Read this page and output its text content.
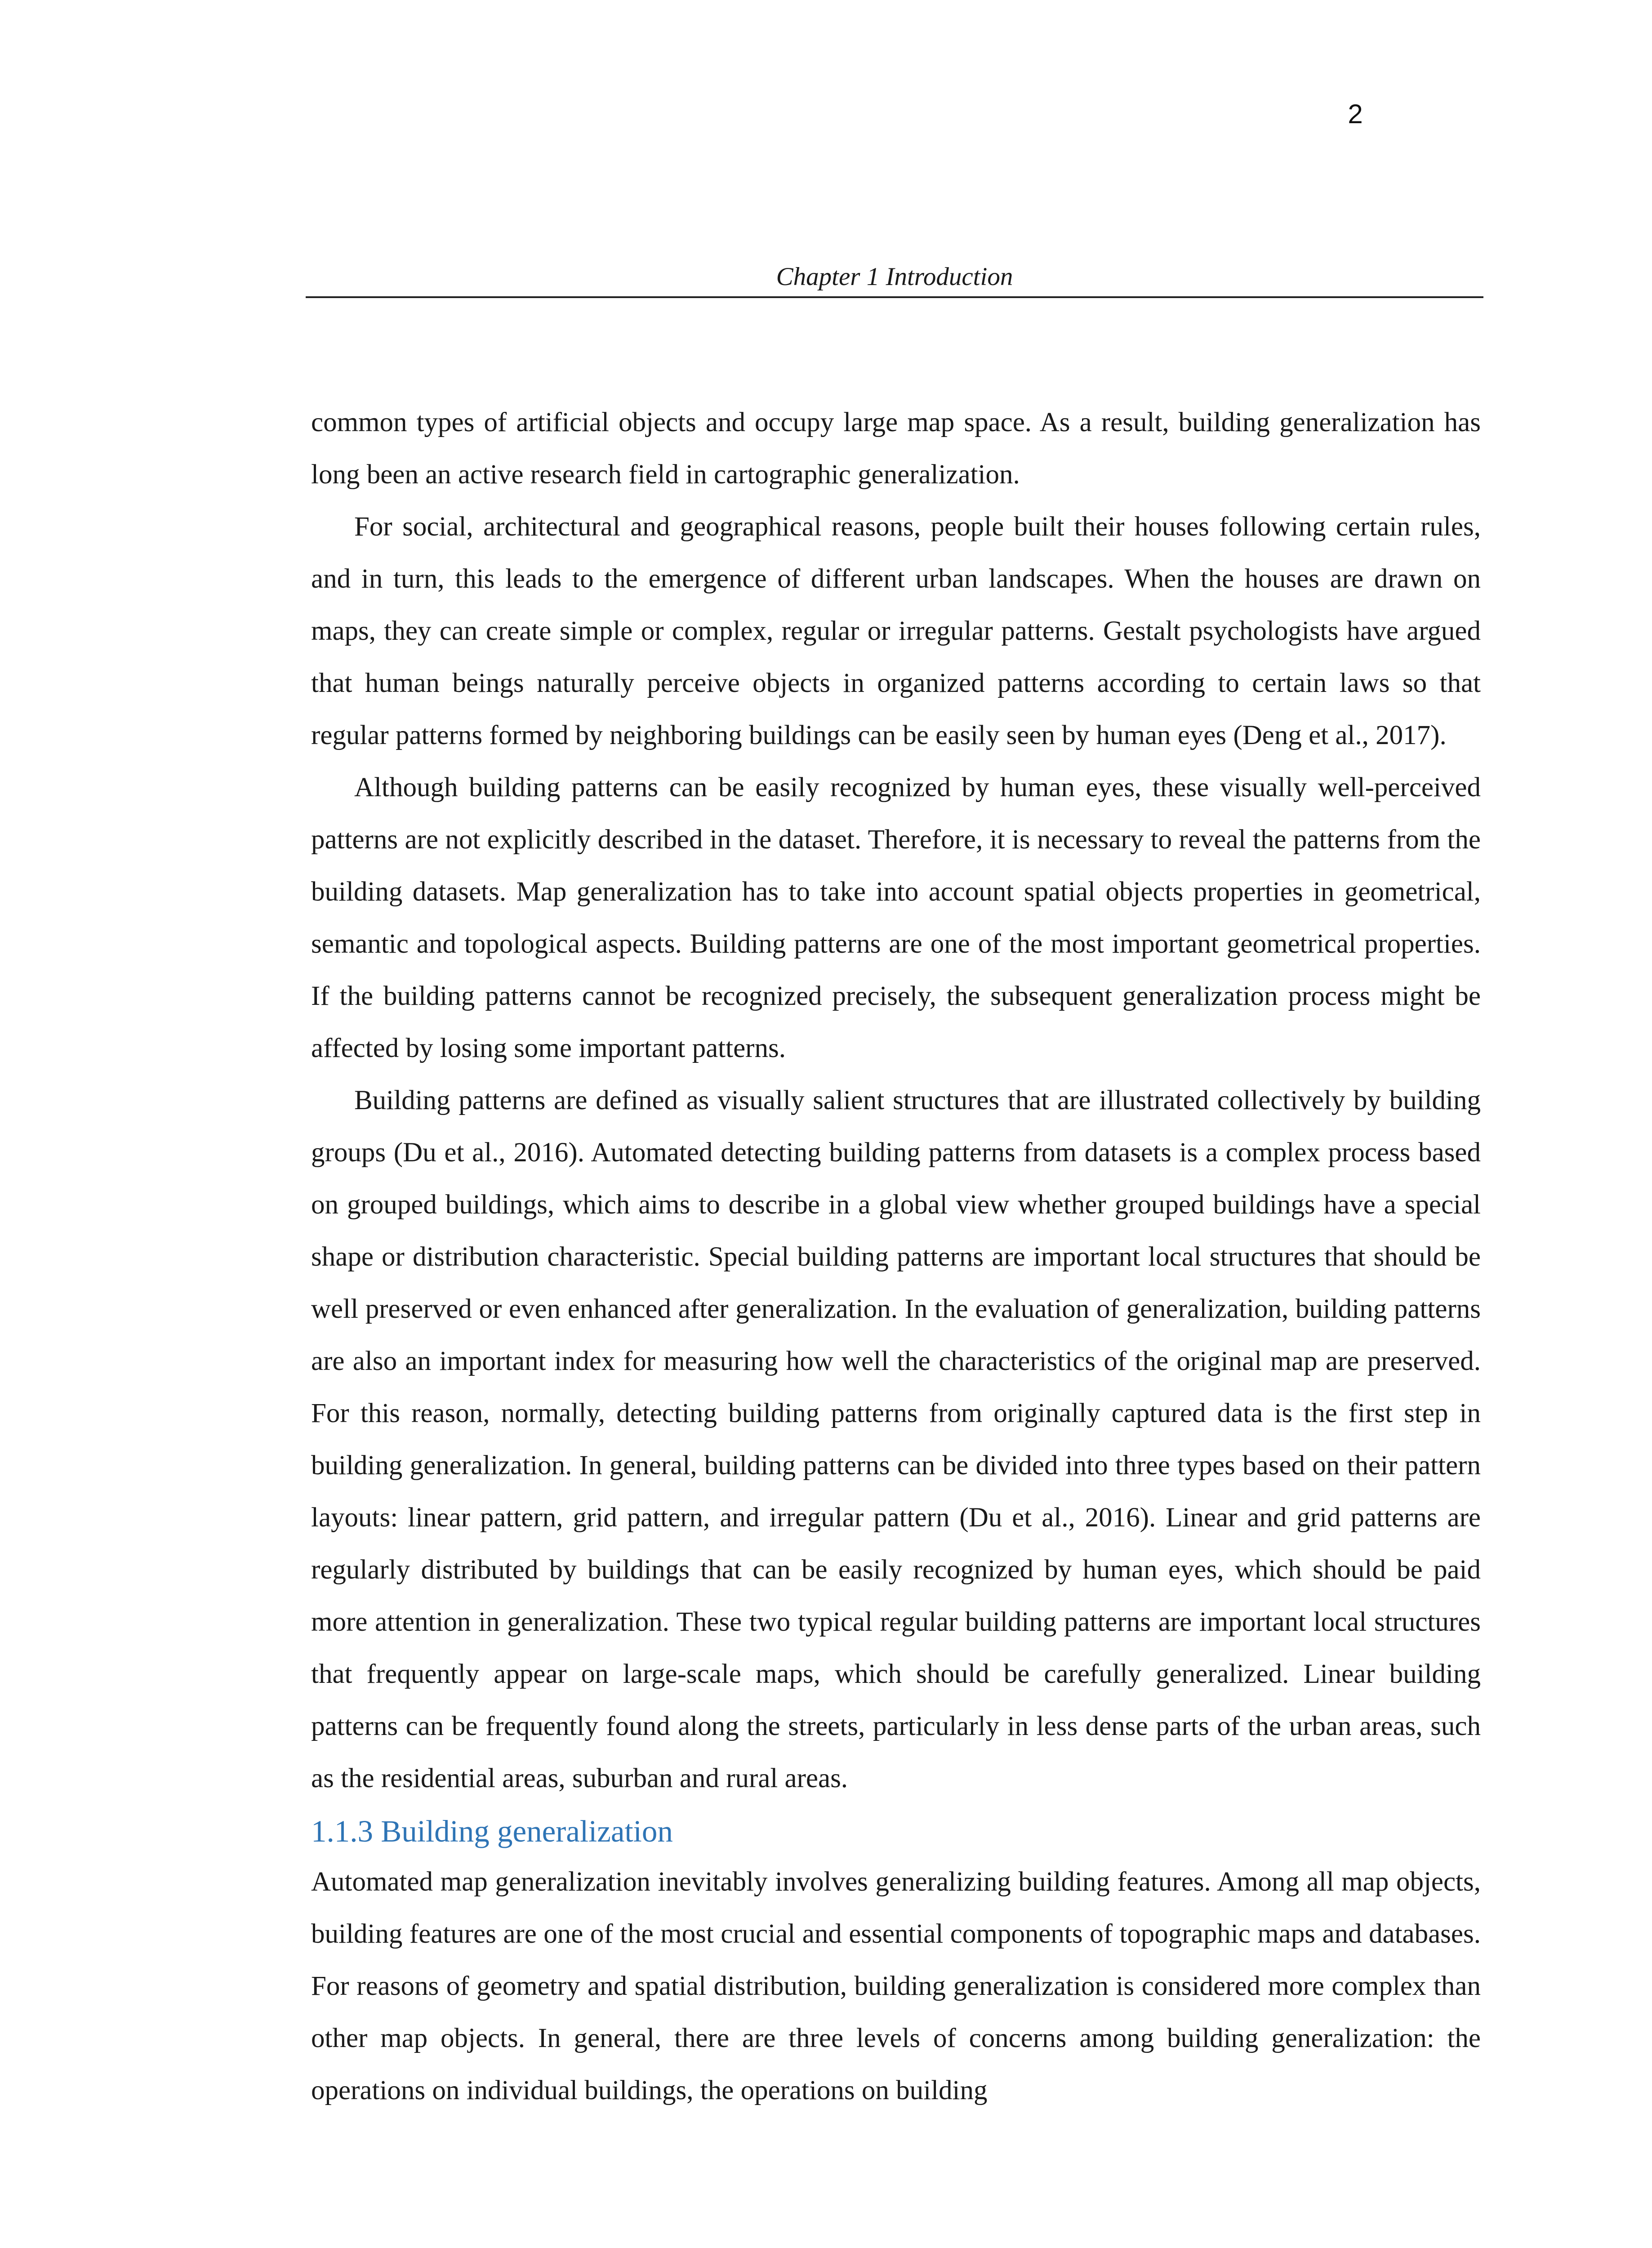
2
Chapter 1 Introduction

common types of artificial objects and occupy large map space. As a result, building generalization has long been an active research field in cartographic generalization.

For social, architectural and geographical reasons, people built their houses following certain rules, and in turn, this leads to the emergence of different urban landscapes. When the houses are drawn on maps, they can create simple or complex, regular or irregular patterns. Gestalt psychologists have argued that human beings naturally perceive objects in organized patterns according to certain laws so that regular patterns formed by neighboring buildings can be easily seen by human eyes (Deng et al., 2017).

Although building patterns can be easily recognized by human eyes, these visually well-perceived patterns are not explicitly described in the dataset. Therefore, it is necessary to reveal the patterns from the building datasets. Map generalization has to take into account spatial objects properties in geometrical, semantic and topological aspects. Building patterns are one of the most important geometrical properties. If the building patterns cannot be recognized precisely, the subsequent generalization process might be affected by losing some important patterns.

Building patterns are defined as visually salient structures that are illustrated collectively by building groups (Du et al., 2016). Automated detecting building patterns from datasets is a complex process based on grouped buildings, which aims to describe in a global view whether grouped buildings have a special shape or distribution characteristic. Special building patterns are important local structures that should be well preserved or even enhanced after generalization. In the evaluation of generalization, building patterns are also an important index for measuring how well the characteristics of the original map are preserved. For this reason, normally, detecting building patterns from originally captured data is the first step in building generalization. In general, building patterns can be divided into three types based on their pattern layouts: linear pattern, grid pattern, and irregular pattern (Du et al., 2016). Linear and grid patterns are regularly distributed by buildings that can be easily recognized by human eyes, which should be paid more attention in generalization. These two typical regular building patterns are important local structures that frequently appear on large-scale maps, which should be carefully generalized. Linear building patterns can be frequently found along the streets, particularly in less dense parts of the urban areas, such as the residential areas, suburban and rural areas.

1.1.3 Building generalization

Automated map generalization inevitably involves generalizing building features. Among all map objects, building features are one of the most crucial and essential components of topographic maps and databases. For reasons of geometry and spatial distribution, building generalization is considered more complex than other map objects. In general, there are three levels of concerns among building generalization: the operations on individual buildings, the operations on building
